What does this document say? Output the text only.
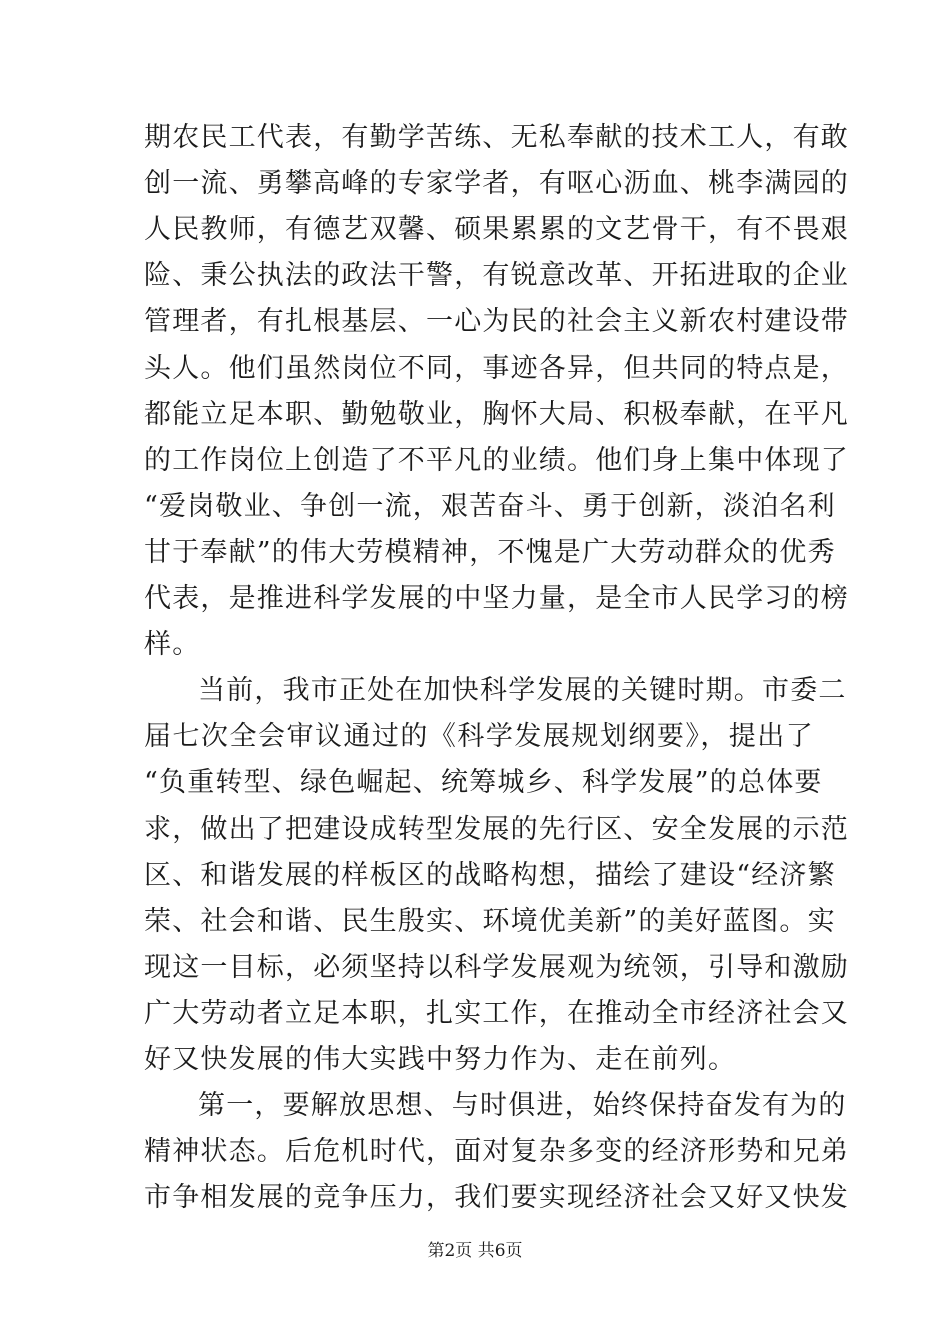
期农民工代表，有勤学苦练、无私奉献的技术工人，有敢
创一流、勇攀高峰的专家学者，有呕心沥血、桃李满园的
人民教师，有德艺双馨、硕果累累的文艺骨干，有不畏艰
险、秉公执法的政法干警，有锐意改革、开拓进取的企业
管理者，有扎根基层、一心为民的社会主义新农村建设带
头人。他们虽然岗位不同，事迹各异，但共同的特点是，
都能立足本职、勤勉敬业，胸怀大局、积极奉献，在平凡
的工作岗位上创造了不平凡的业绩。他们身上集中体现了
“爱岗敬业、争创一流，艰苦奋斗、勇于创新，淡泊名利
甘于奉献”的伟大劳模精神，不愧是广大劳动群众的优秀
代表，是推进科学发展的中坚力量，是全市人民学习的榜
样。
当前，我市正处在加快科学发展的关键时期。市委二
届七次全会审议通过的《科学发展规划纲要》，提出了
“负重转型、绿色崛起、统筹城乡、科学发展”的总体要
求，做出了把建设成转型发展的先行区、安全发展的示范
区、和谐发展的样板区的战略构想，描绘了建设“经济繁
荣、社会和谐、民生殷实、环境优美新”的美好蓝图。实
现这一目标，必须坚持以科学发展观为统领，引导和激励
广大劳动者立足本职，扎实工作，在推动全市经济社会又
好又快发展的伟大实践中努力作为、走在前列。
第一，要解放思想、与时俱进，始终保持奋发有为的
精神状态。后危机时代，面对复杂多变的经济形势和兄弟
市争相发展的竞争压力，我们要实现经济社会又好又快发
第2页 共6页
